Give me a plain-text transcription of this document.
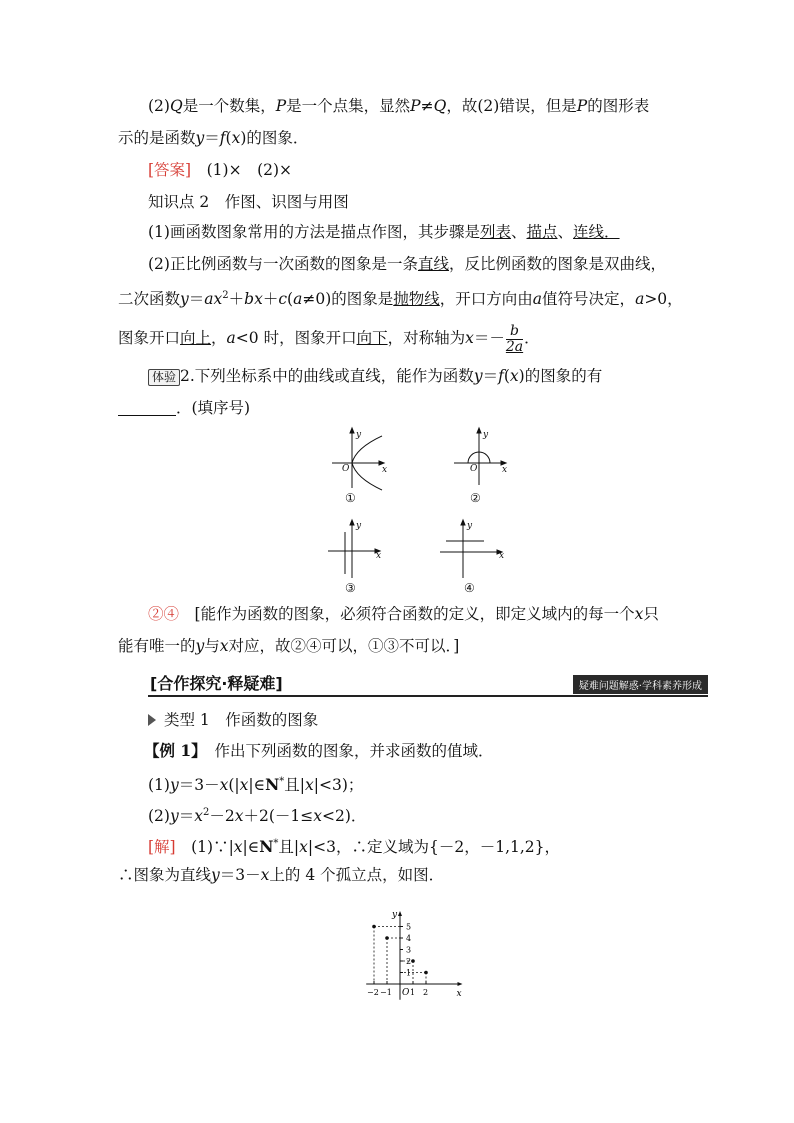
(2)Q是一个数集，P是一个点集，显然P≠Q，故(2)错误，但是P的图形表
示的是函数y＝f(x)的图象．
[答案]　 (1)×　(2)×
知识点 2　作图、识图与用图
(1)画函数图象常用的方法是描点作图，其步骤是列表、描点、连线．
(2)正比例函数与一次函数的图象是一条直线，反比例函数的图象是双曲线，
二次函数$y=ax^2+bx+c(a\ne 0)$的图象是抛物线，开口方向由a值符号决定，a>0，
图象开口向上，a<0 时，图象开口向下，对称轴为$x=- \frac{b}{2a}$ ．
体验 2.下列坐标系中的曲线或直线，能作为函数y＝f(x)的图象的有
．(填序号)
y
x
O
y
x
O
y
x
y
x
①	②
③	④
②④　 [能作为函数的图象，必须符合函数的定义，即定义域内的每一个x只
能有唯一的y与x对应，故②④可以，①③不可以．]
[合作探究·释疑难]	疑难问题解惑·学科素养形成
类型 1　作函数的图象
【例 1】　作出下列函数的图象，并求函数的值域．
(1)y＝3－x(|x|∈N*且|x|<3)；
$(2)y=x^2-2x+2(-1\le x<2)$．
[解]　(1)∵|x|∈N*且|x|<3，∴定义域为{－2，－1,1,2}，
∴图象为直线y＝3－x上的 4 个孤立点，如图．
x
y
O
1
2
3
4
5
−2 −1 1 2
